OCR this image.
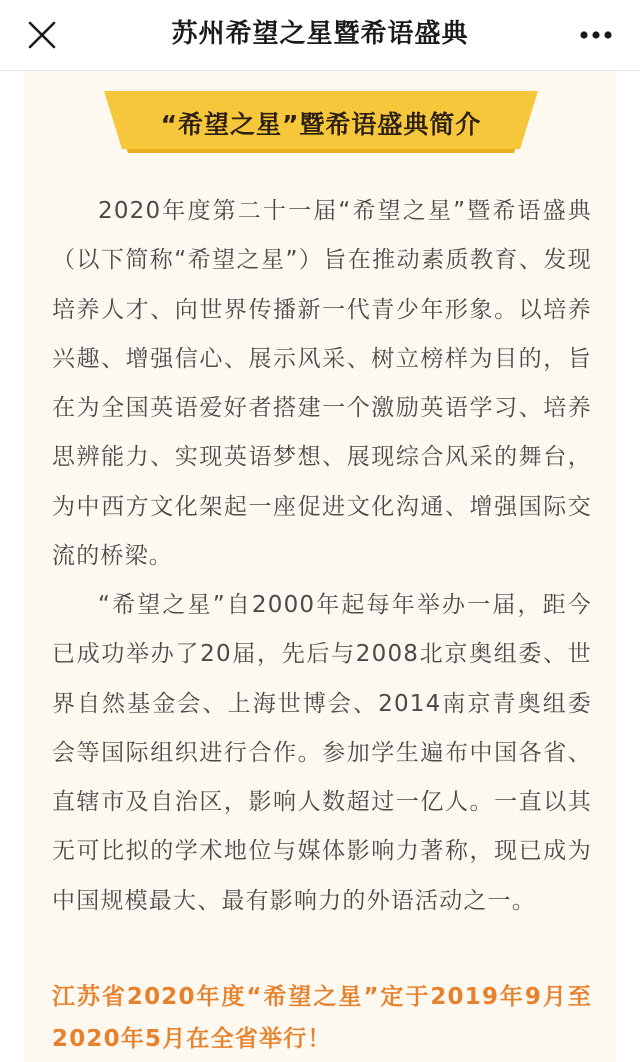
苏州希望之星暨希语盛典
“希望之星”暨希语盛典简介

2020年度第二十一届“希望之星”暨希语盛典（以下简称“希望之星”）旨在推动素质教育、发现培养人才、向世界传播新一代青少年形象。以培养兴趣、增强信心、展示风采、树立榜样为目的，旨在为全国英语爱好者搭建一个激励英语学习、培养思辨能力、实现英语梦想、展现综合风采的舞台，为中西方文化架起一座促进文化沟通、增强国际交流的桥梁。

“希望之星”自2000年起每年举办一届，距今已成功举办了20届，先后与2008北京奥组委、世界自然基金会、上海世博会、2014南京青奥组委会等国际组织进行合作。参加学生遍布中国各省、直辖市及自治区，影响人数超过一亿人。一直以其无可比拟的学术地位与媒体影响力著称，现已成为中国规模最大、最有影响力的外语活动之一。

江苏省2020年度“希望之星”定于2019年9月至2020年5月在全省举行！
